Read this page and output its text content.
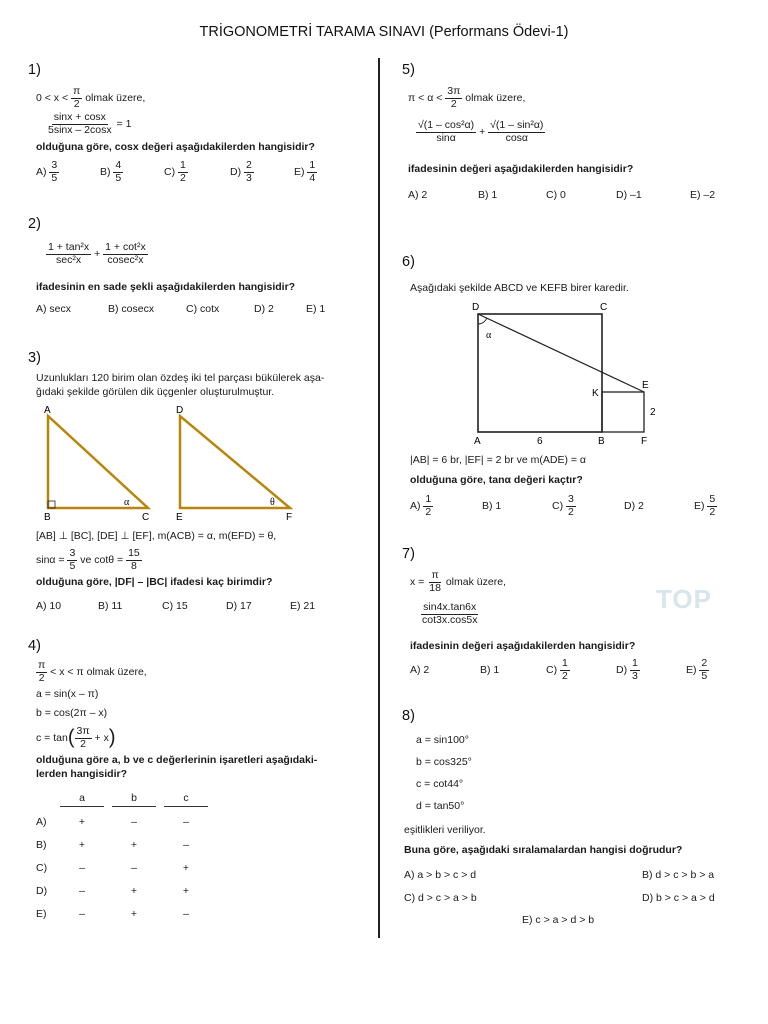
TRİGONOMETRİ TARAMA SINAVI (Performans Ödevi-1)
1)
$0 < x < \frac{\pi}{2}$ olmak üzere,
$\frac{\sin x + \cos x}{5\sin x - 2\cos x} = 1$
olduğuna göre, cosx değeri aşağıdakilerden hangisidir?
$A) \frac{3}{5}$	$B) \frac{4}{5}$	$C) \frac{1}{2}$	$D) \frac{2}{3}$	$E) \frac{1}{4}$
2)
$\frac{\text{1 + tan²x}}{\text{sec²x}} + \frac{\text{1 + cot²x}}{\text{cosec²x}}$
ifadesinin en sade şekli aşağıdakilerden hangisidir?
A) secx	B) cosecx	C) cotx	D) 2	E) 1
3)
Uzunlukları 120 birim olan özdeş iki tel parçası bükülerek aşa-
ğıdaki şekilde görülen dik üçgenler oluşturulmuştur.
A
B	C
α
D
E	F
θ
[AB] ⊥ [BC], [DE] ⊥ [EF], m(ACB) = α, m(EFD) = θ,
$\sin\alpha = \frac{3}{5}$ ve $\cot\theta = \frac{15}{8}$
olduğuna göre, |DF| – |BC| ifadesi kaç birimdir?
A) 10	B) 11	C) 15	D) 17	E) 21
4)
$\frac{\pi}{2} < x < \pi$ olmak üzere,
a = sin(x – π)
b = cos(2π – x)
$c = \tan( \frac{3\pi}{2} + x)$
olduğuna göre a, b ve c değerlerinin işaretleri aşağıdaki-
lerden hangisidir?
a	b	c
A)	+	–	–
B)	+	+	–
C)	–	–	+
D)	–	+	+
E)	–	+	–
5)
$\pi < \alpha < \frac{3\pi}{2}$ olmak üzere,
$\frac{\text{√(1 – cos²α)}}{\sin\alpha} + \frac{\text{√(1 – sin²α)}}{\cos\alpha}$
ifadesinin değeri aşağıdakilerden hangisidir?
A) 2	B) 1	C) 0	D) –1	E) –2
6)
Aşağıdaki şekilde ABCD ve KEFB birer karedir.
D	C
α
K
E
2
A	6	B	F
|AB| = 6 br, |EF| = 2 br ve m(ADE) = α
olduğuna göre, tanα değeri kaçtır?
$A) \frac{1}{2}$	B) 1	$C) \frac{3}{2}$	D) 2	$E) \frac{5}{2}$
7)
$x = \frac{\pi}{18}$ olmak üzere,
$\frac{\sin 4x.\tan 6x}{\cot 3x.\cos 5x}$
TOP
ifadesinin değeri aşağıdakilerden hangisidir?
A) 2	B) 1	$C) \frac{1}{2}$	$D) \frac{1}{3}$	$E) \frac{2}{5}$
8)
a = sin100°
b = cos325°
c = cot44°
d = tan50°
eşitlikleri veriliyor.
Buna göre, aşağıdaki sıralamalardan hangisi doğrudur?
A) a > b > c > d	B) d > c > b > a
C) d > c > a > b	D) b > c > a > d
E) c > a > d > b
